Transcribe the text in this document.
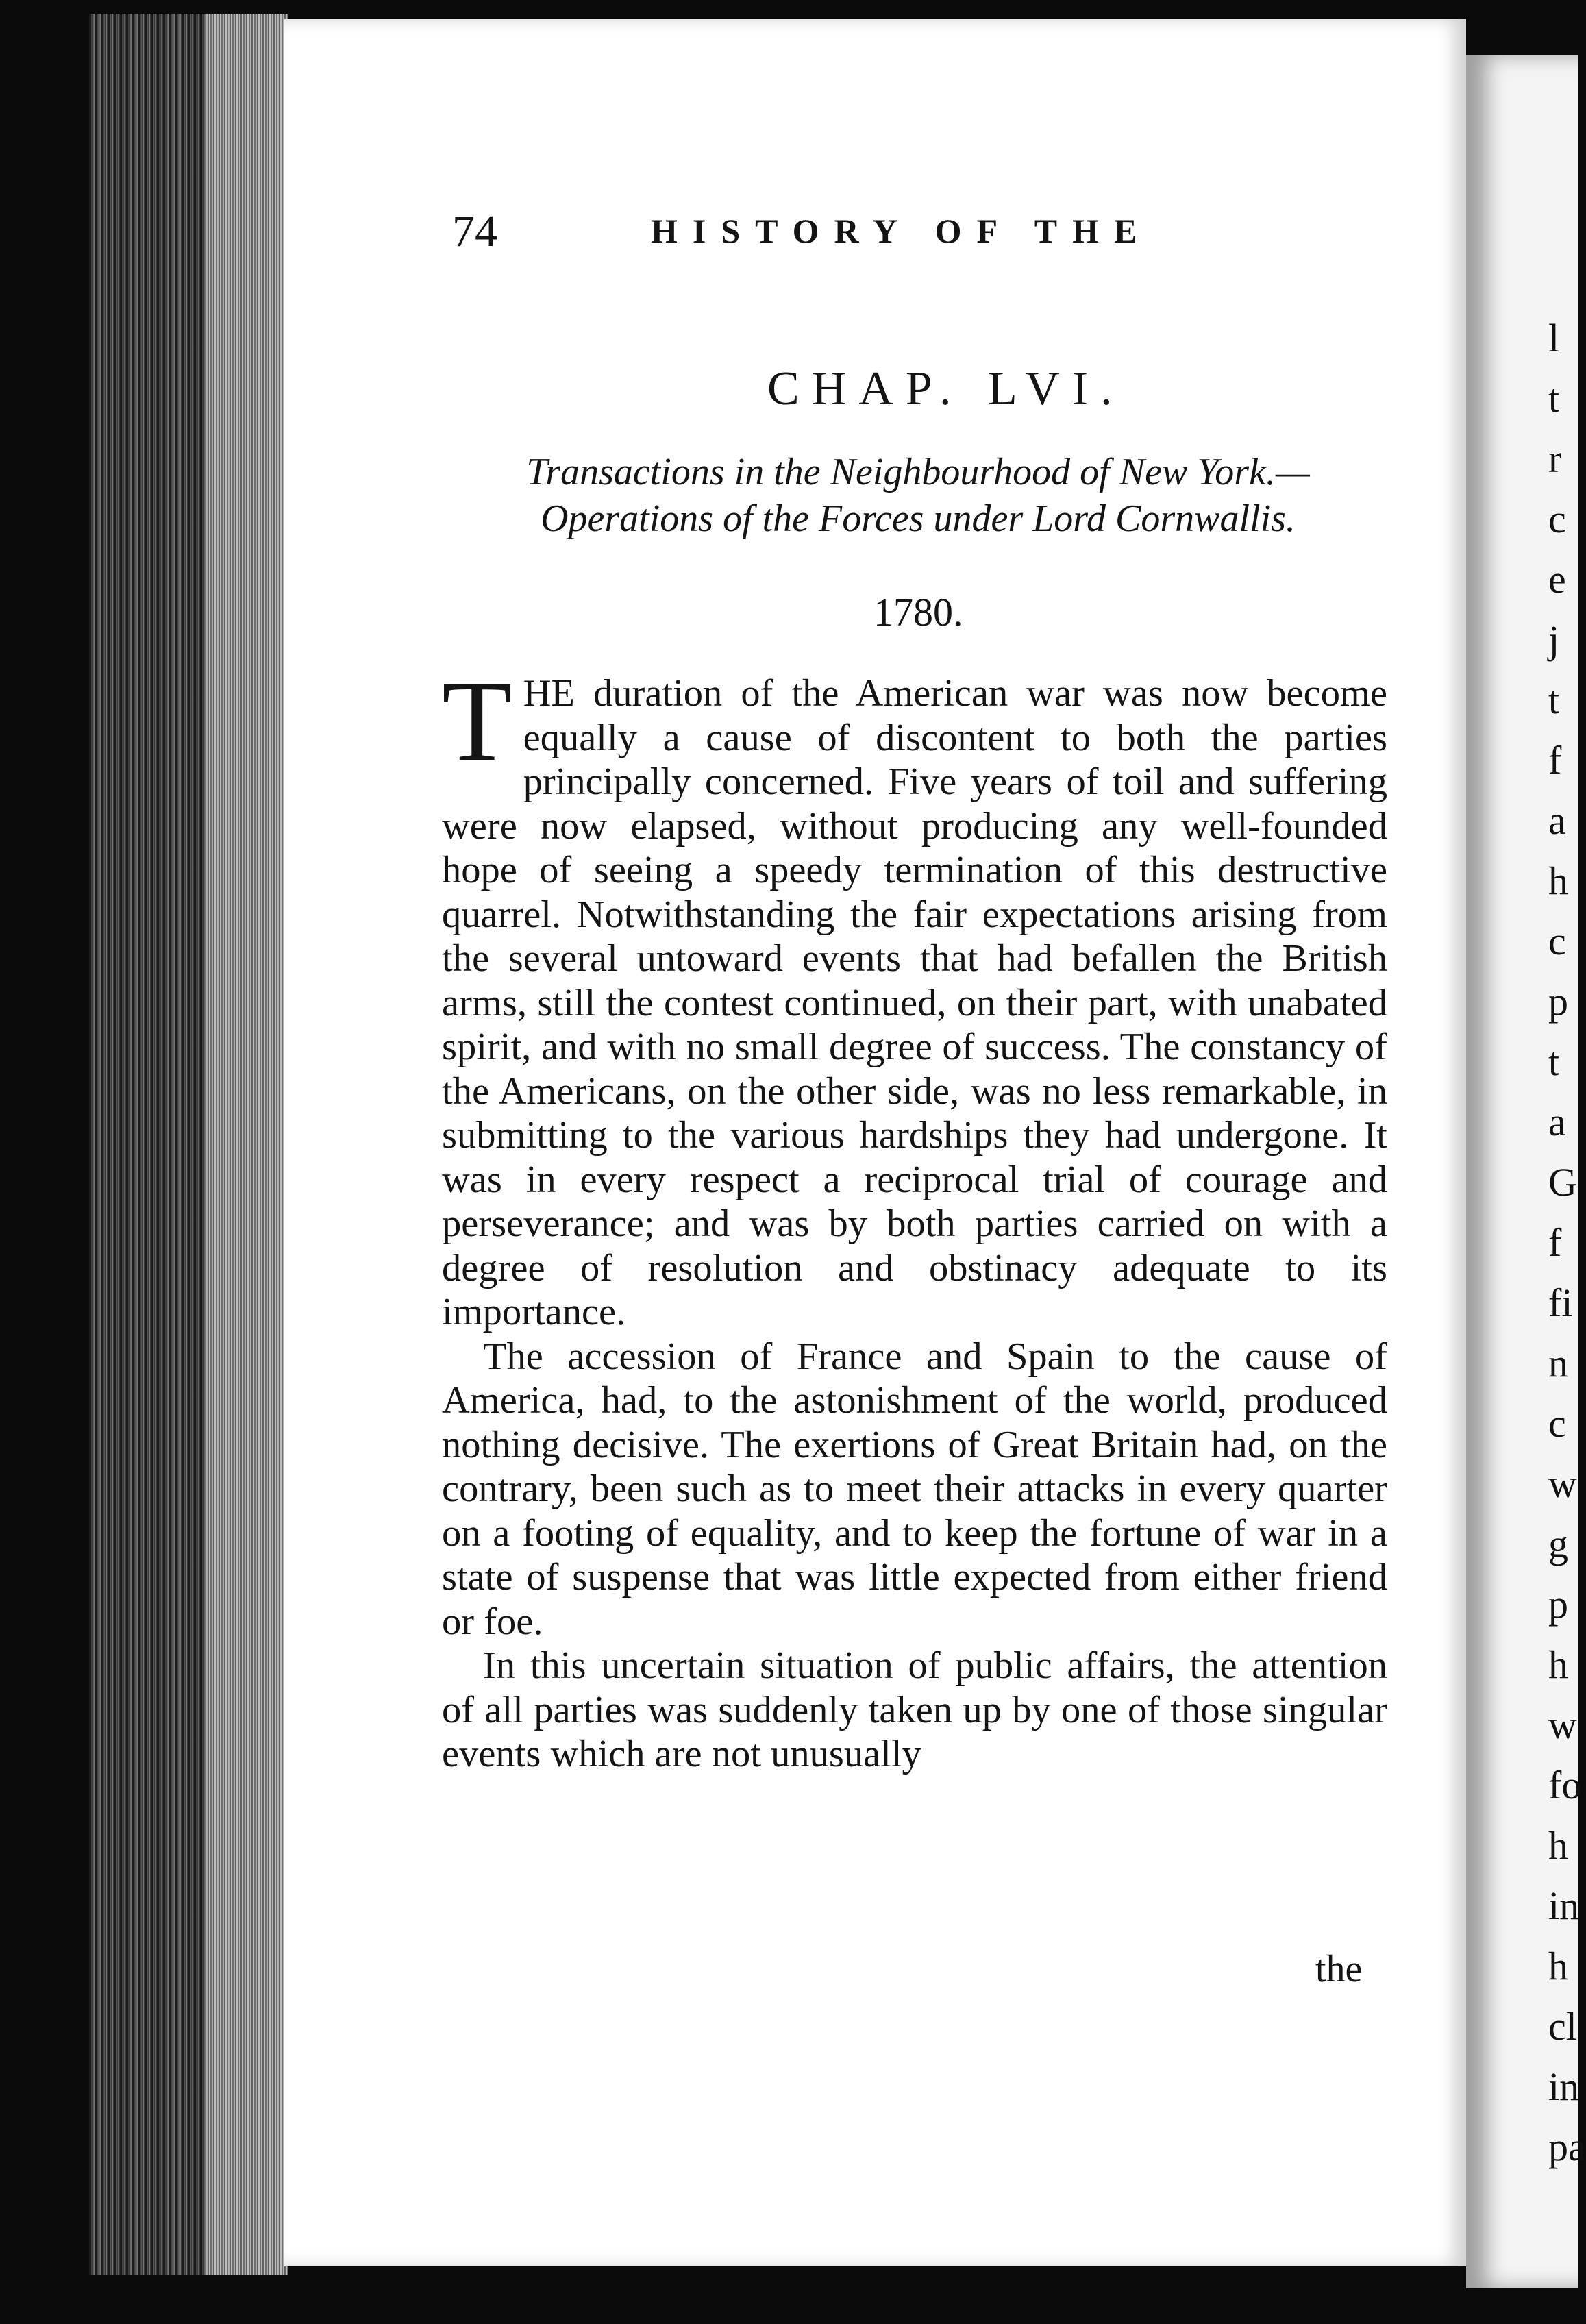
l
t
r
c
e
j
t
f
a
h
c
p
t
a
G
f
fi
n
c
w
g
p
h
w
fo
h
in
h
cl
in
pa
74	HISTORY OF THE
CHAP. LVI.
Transactions in the Neighbourhood of New York.—
Operations of the Forces under Lord Cornwallis.
1780.

THE duration of the American war was now become equally a cause of discontent to both the parties principally concerned. Five years of toil and suffering were now elapsed, without producing any well-founded hope of seeing a speedy termination of this destructive quarrel. Notwithstanding the fair expectations arising from the several untoward events that had befallen the British arms, still the contest continued, on their part, with unabated spirit, and with no small degree of success. The constancy of the Americans, on the other side, was no less remarkable, in submitting to the various hardships they had undergone. It was in every respect a reciprocal trial of courage and perseverance; and was by both parties carried on with a degree of resolution and obstinacy adequate to its importance.

The accession of France and Spain to the cause of America, had, to the astonishment of the world, produced nothing decisive. The exertions of Great Britain had, on the contrary, been such as to meet their attacks in every quarter on a footing of equality, and to keep the fortune of war in a state of suspense that was little expected from either friend or foe.

In this uncertain situation of public affairs, the attention of all parties was suddenly taken up by one of those singular events which are not unusually

the
